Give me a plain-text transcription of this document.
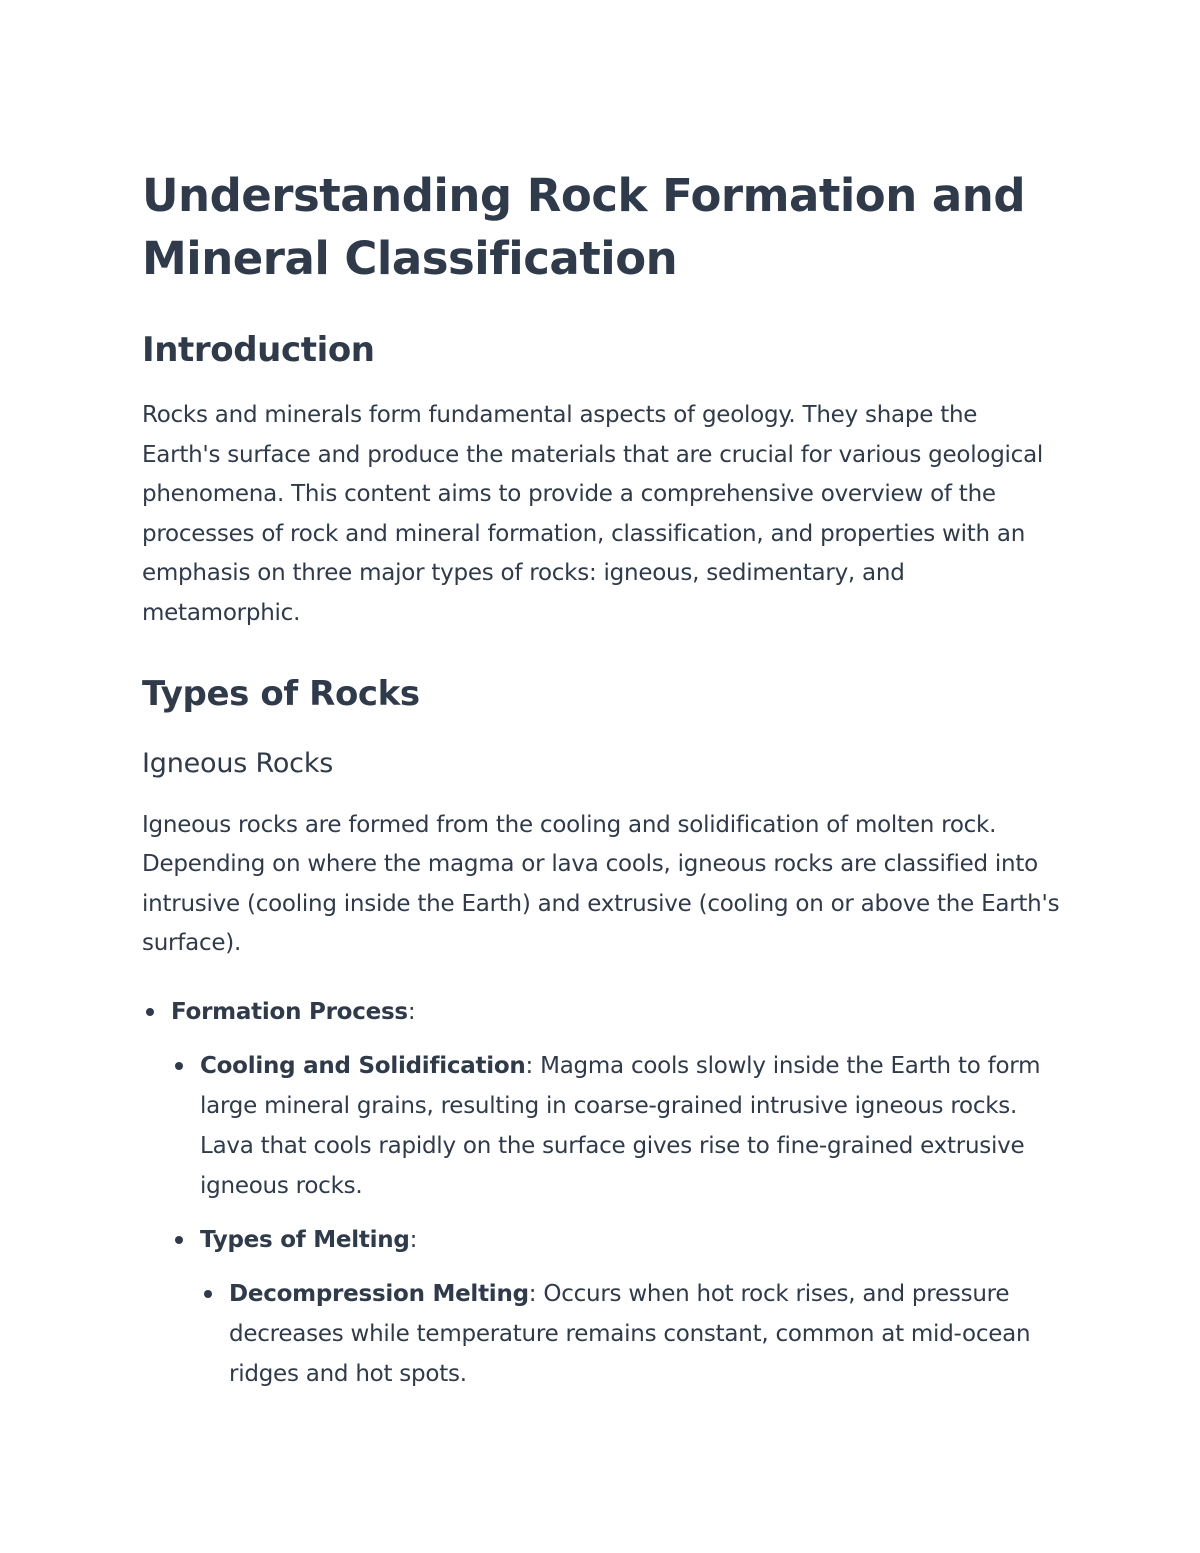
Understanding Rock Formation and Mineral Classification
Introduction

Rocks and minerals form fundamental aspects of geology. They shape the Earth's surface and produce the materials that are crucial for various geological phenomena. This content aims to provide a comprehensive overview of the processes of rock and mineral formation, classification, and properties with an emphasis on three major types of rocks: igneous, sedimentary, and metamorphic.

Types of Rocks
Igneous Rocks

Igneous rocks are formed from the cooling and solidification of molten rock. Depending on where the magma or lava cools, igneous rocks are classified into intrusive (cooling inside the Earth) and extrusive (cooling on or above the Earth's surface).

Formation Process:
Cooling and Solidification: Magma cools slowly inside the Earth to form large mineral grains, resulting in coarse-grained intrusive igneous rocks. Lava that cools rapidly on the surface gives rise to fine-grained extrusive igneous rocks.
Types of Melting:
Decompression Melting: Occurs when hot rock rises, and pressure decreases while temperature remains constant, common at mid-ocean ridges and hot spots.
